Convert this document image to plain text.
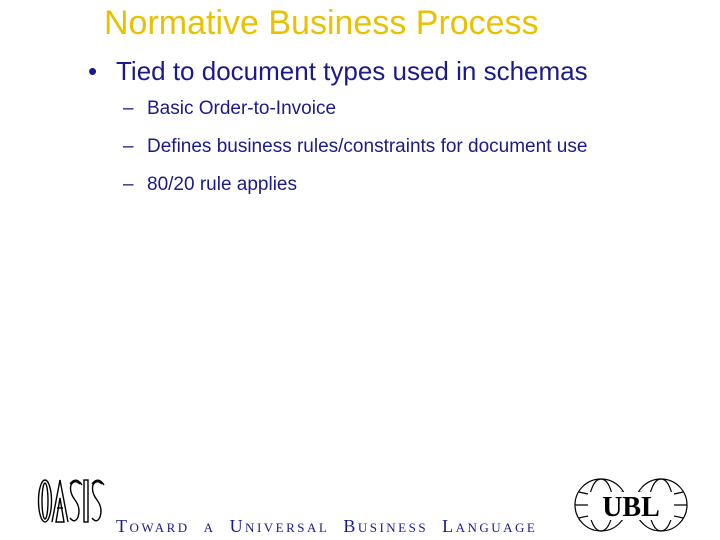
Normative Business Process
• Tied to document types used in schemas
– Basic Order-to-Invoice
– Defines business rules/constraints for document use
– 80/20 rule applies
Toward a Universal Business Language
UBL
